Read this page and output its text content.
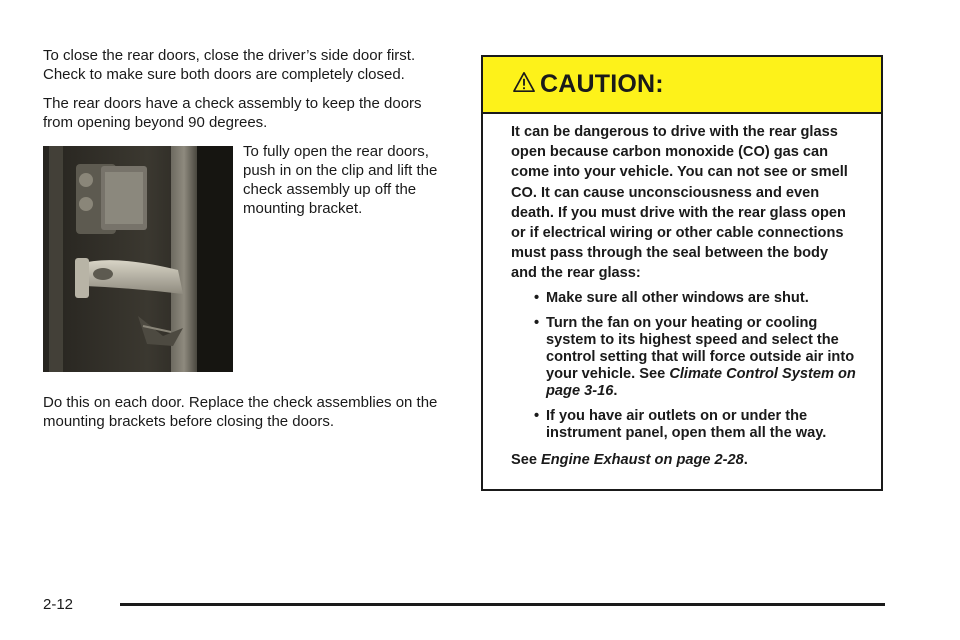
To close the rear doors, close the driver’s side door first. Check to make sure both doors are completely closed.

The rear doors have a check assembly to keep the doors from opening beyond 90 degrees.

To fully open the rear doors, push in on the clip and lift the check assembly up off the mounting bracket.

Do this on each door. Replace the check assemblies on the mounting brackets before closing the doors.

CAUTION:

It can be dangerous to drive with the rear glass open because carbon monoxide (CO) gas can come into your vehicle. You can not see or smell CO. It can cause unconsciousness and even death. If you must drive with the rear glass open or if electrical wiring or other cable connections must pass through the seal between the body and the rear glass:

• Make sure all other windows are shut.
• Turn the fan on your heating or cooling system to its highest speed and select the control setting that will force outside air into your vehicle. See Climate Control System on page 3-16.
• If you have air outlets on or under the instrument panel, open them all the way.

See Engine Exhaust on page 2-28.

2-12
